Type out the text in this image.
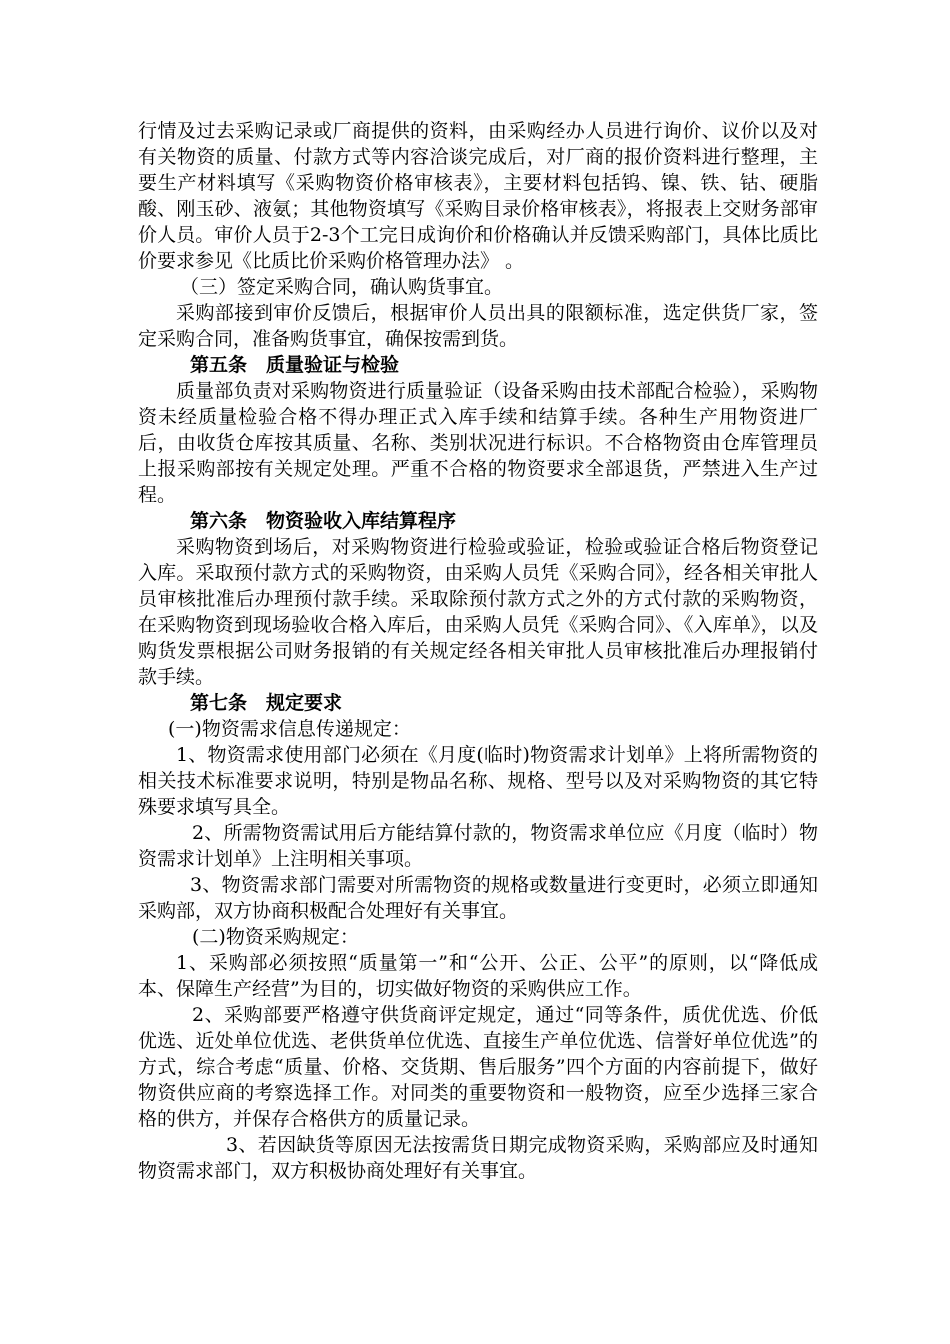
行情及过去采购记录或厂商提供的资料，由采购经办人员进行询价、议价以及对有关物资的质量、付款方式等内容洽谈完成后，对厂商的报价资料进行整理，主要生产材料填写《采购物资价格审核表》，主要材料包括钨、镍、铁、钴、硬脂酸、刚玉砂、液氨；其他物资填写《采购目录价格审核表》，将报表上交财务部审价人员。审价人员于2-3个工完日成询价和价格确认并反馈采购部门，具体比质比价要求参见《比质比价采购价格管理办法》 。

（三）签定采购合同，确认购货事宜。

采购部接到审价反馈后，根据审价人员出具的限额标准，选定供货厂家，签定采购合同，准备购货事宜，确保按需到货。

第五条　质量验证与检验

质量部负责对采购物资进行质量验证（设备采购由技术部配合检验），采购物资未经质量检验合格不得办理正式入库手续和结算手续。各种生产用物资进厂后，由收货仓库按其质量、名称、类别状况进行标识。不合格物资由仓库管理员上报采购部按有关规定处理。严重不合格的物资要求全部退货，严禁进入生产过程。

第六条　物资验收入库结算程序

采购物资到场后，对采购物资进行检验或验证，检验或验证合格后物资登记入库。采取预付款方式的采购物资，由采购人员凭《采购合同》，经各相关审批人员审核批准后办理预付款手续。采取除预付款方式之外的方式付款的采购物资，在采购物资到现场验收合格入库后，由采购人员凭《采购合同》、《入库单》，以及购货发票根据公司财务报销的有关规定经各相关审批人员审核批准后办理报销付款手续。

第七条　规定要求

(一)物资需求信息传递规定：

1、物资需求使用部门必须在《月度(临时)物资需求计划单》上将所需物资的相关技术标准要求说明，特别是物品名称、规格、型号以及对采购物资的其它特殊要求填写具全。

2、所需物资需试用后方能结算付款的，物资需求单位应《月度（临时）物资需求计划单》上注明相关事项。

3、物资需求部门需要对所需物资的规格或数量进行变更时，必须立即通知采购部，双方协商积极配合处理好有关事宜。

(二)物资采购规定：

1、采购部必须按照“质量第一”和“公开、公正、公平”的原则，以“降低成本、保障生产经营”为目的，切实做好物资的采购供应工作。

2、采购部要严格遵守供货商评定规定，通过“同等条件，质优优选、价低优选、近处单位优选、老供货单位优选、直接生产单位优选、信誉好单位优选”的方式，综合考虑“质量、价格、交货期、售后服务”四个方面的内容前提下，做好物资供应商的考察选择工作。对同类的重要物资和一般物资，应至少选择三家合格的供方，并保存合格供方的质量记录。

3、若因缺货等原因无法按需货日期完成物资采购，采购部应及时通知物资需求部门，双方积极协商处理好有关事宜。
